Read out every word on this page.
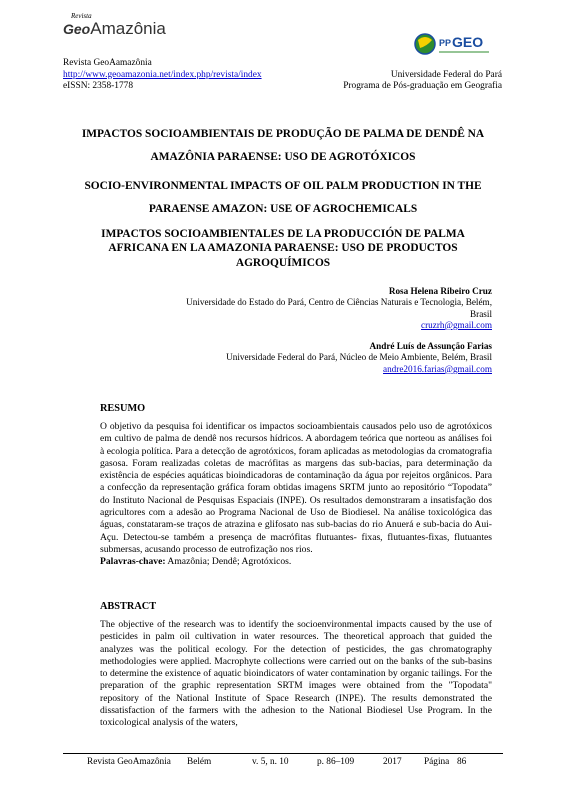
Revista
GeoAmazônia
PP GEO
Revista GeoAamazônia
http://www.geoamazonia.net/index.php/revista/index
eISSN: 2358-1778
Universidade Federal do Pará
Programa de Pós-graduação em Geografia
IMPACTOS SOCIOAMBIENTAIS DE PRODUÇÃO DE PALMA DE DENDÊ NA
AMAZÔNIA PARAENSE: USO DE AGROTÓXICOS
SOCIO-ENVIRONMENTAL IMPACTS OF OIL PALM PRODUCTION IN THE
PARAENSE AMAZON: USE OF AGROCHEMICALS
IMPACTOS SOCIOAMBIENTALES DE LA PRODUCCIÓN DE PALMA
AFRICANA EN LA AMAZONIA PARAENSE: USO DE PRODUCTOS
AGROQUÍMICOS
Rosa Helena Ribeiro Cruz
Universidade do Estado do Pará, Centro de Ciências Naturais e Tecnologia, Belém,
Brasil
cruzrh@gmail.com
André Luís de Assunção Farias
Universidade Federal do Pará, Núcleo de Meio Ambiente, Belém, Brasil
andre2016.farias@gmail.com
RESUMO
O objetivo da pesquisa foi identificar os impactos socioambientais causados pelo uso de agrotóxicos em cultivo de palma de dendê nos recursos hídricos. A abordagem teórica que norteou as análises foi à ecologia política. Para a detecção de agrotóxicos, foram aplicadas as metodologias da cromatografia gasosa. Foram realizadas coletas de macrófitas as margens das sub-bacias, para determinação da existência de espécies aquáticas bioindicadoras de contaminação da água por rejeitos orgânicos. Para a confecção da representação gráfica foram obtidas imagens SRTM junto ao repositório “Topodata” do Instituto Nacional de Pesquisas Espaciais (INPE). Os resultados demonstraram a insatisfação dos agricultores com a adesão ao Programa Nacional de Uso de Biodiesel. Na análise toxicológica das águas, constataram-se traços de atrazina e glifosato nas sub-bacias do rio Anuerá e sub-bacia do Aui-Açu. Detectou-se também a presença de macrófitas flutuantes- fixas, flutuantes-fixas, flutuantes submersas, acusando processo de eutrofização nos rios.
Palavras-chave: Amazônia; Dendê; Agrotóxicos.
ABSTRACT
The objective of the research was to identify the socioenvironmental impacts caused by the use of pesticides in palm oil cultivation in water resources. The theoretical approach that guided the analyzes was the political ecology. For the detection of pesticides, the gas chromatography methodologies were applied. Macrophyte collections were carried out on the banks of the sub-basins to determine the existence of aquatic bioindicators of water contamination by organic tailings. For the preparation of the graphic representation SRTM images were obtained from the "Topodata" repository of the National Institute of Space Research (INPE). The results demonstrated the dissatisfaction of the farmers with the adhesion to the National Biodiesel Use Program. In the toxicological analysis of the waters,
Revista GeoAmazônia Belém	v. 5, n. 10	p. 86–109	2017 Página 86
